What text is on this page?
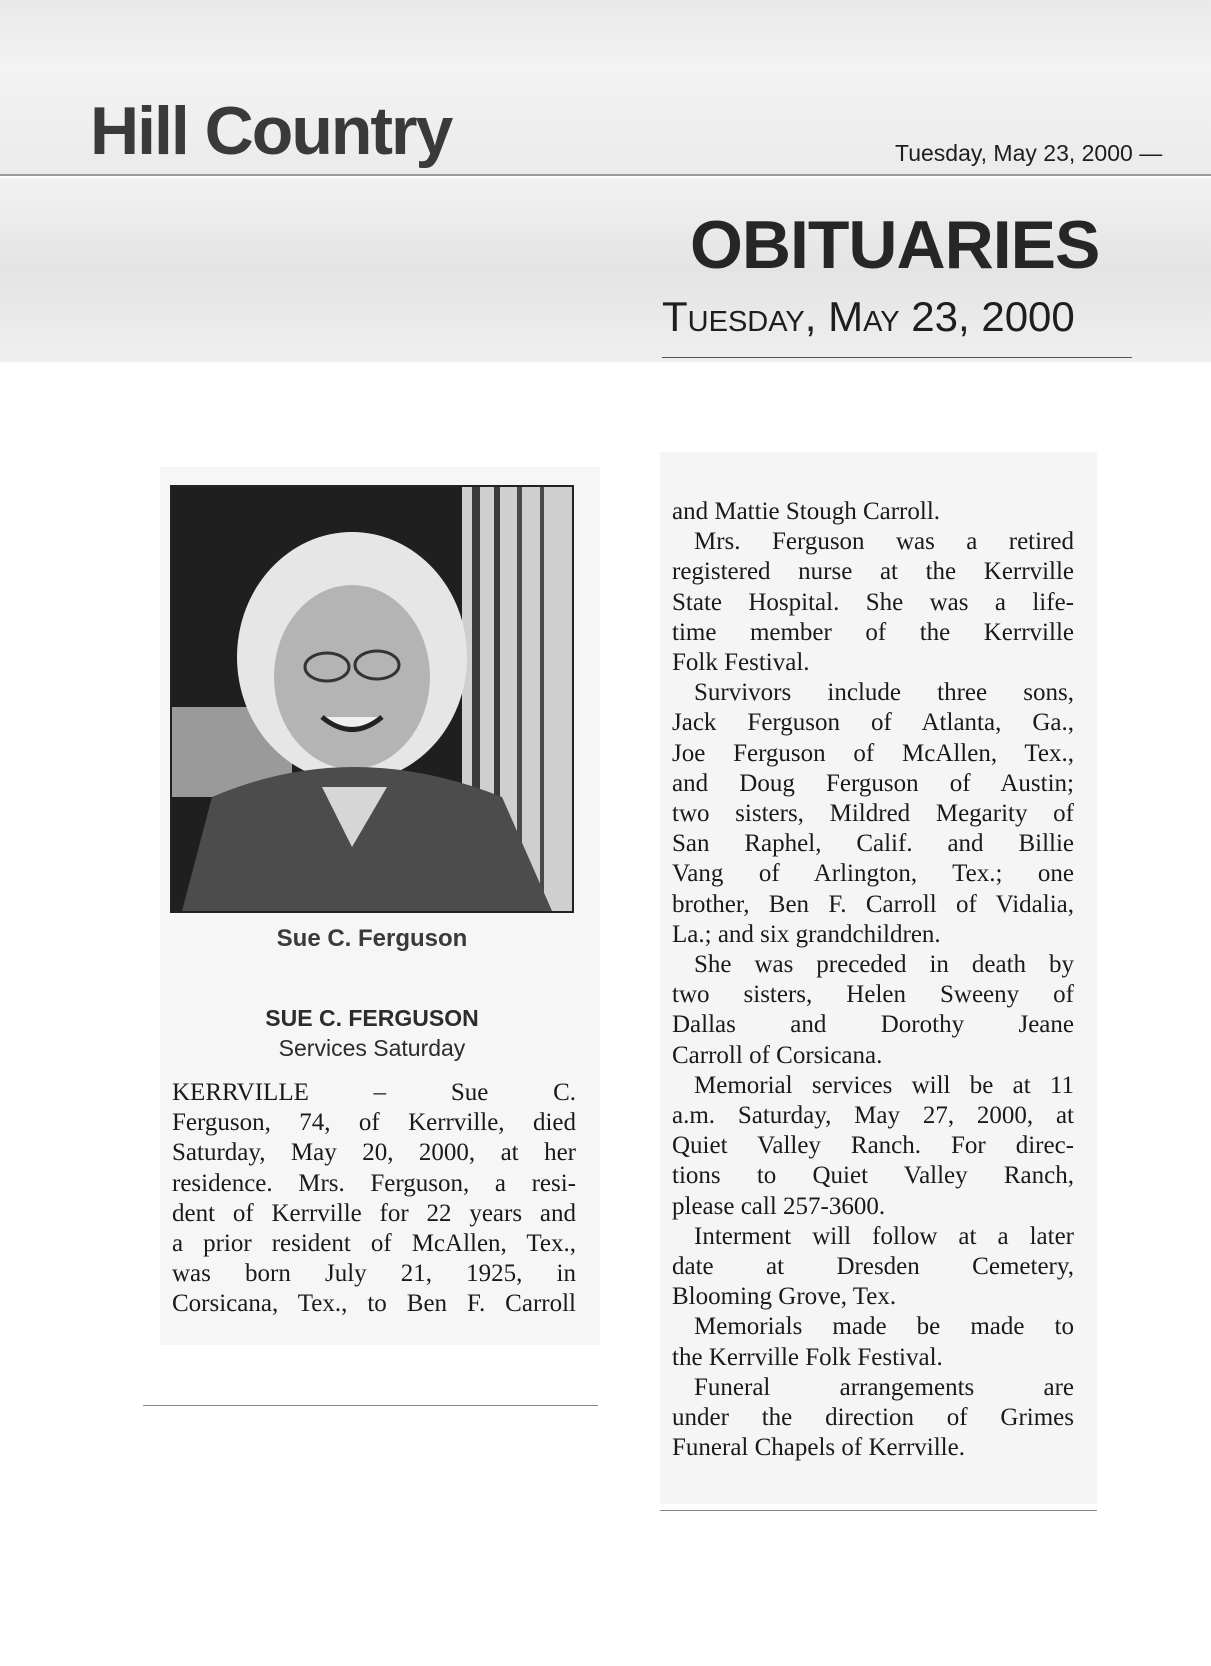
Hill Country	Tuesday, May 23, 2000 —
OBITUARIES
Tuesday, May 23, 2000
Sue C. Ferguson
SUE C. FERGUSON
Services Saturday
KERRVILLE – Sue C.
Ferguson, 74, of Kerrville, died
Saturday, May 20, 2000, at her
residence. Mrs. Ferguson, a resi-
dent of Kerrville for 22 years and
a prior resident of McAllen, Tex.,
was born July 21, 1925, in
Corsicana, Tex., to Ben F. Carroll
and Mattie Stough Carroll.
Mrs. Ferguson was a retired
registered nurse at the Kerrville
State Hospital. She was a life-
time member of the Kerrville
Folk Festival.
Survivors include three sons,
Jack Ferguson of Atlanta, Ga.,
Joe Ferguson of McAllen, Tex.,
and Doug Ferguson of Austin;
two sisters, Mildred Megarity of
San Raphel, Calif. and Billie
Vang of Arlington, Tex.; one
brother, Ben F. Carroll of Vidalia,
La.; and six grandchildren.
She was preceded in death by
two sisters, Helen Sweeny of
Dallas and Dorothy Jeane
Carroll of Corsicana.
Memorial services will be at 11
a.m. Saturday, May 27, 2000, at
Quiet Valley Ranch. For direc-
tions to Quiet Valley Ranch,
please call 257-3600.
Interment will follow at a later
date at Dresden Cemetery,
Blooming Grove, Tex.
Memorials made be made to
the Kerrville Folk Festival.
Funeral arrangements are
under the direction of Grimes
Funeral Chapels of Kerrville.
